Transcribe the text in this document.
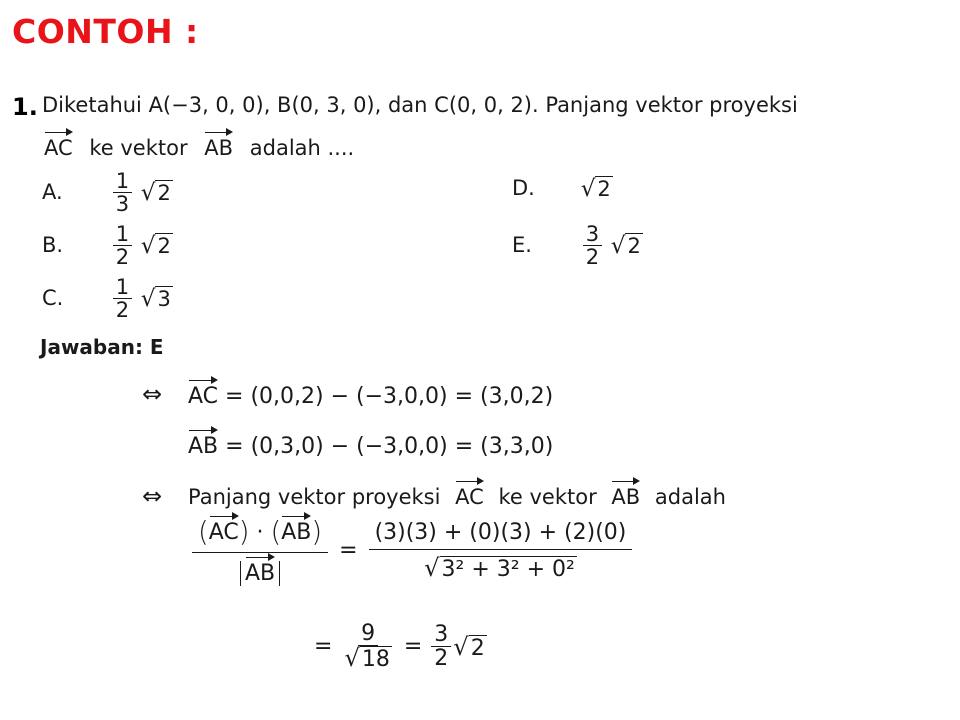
CONTOH :
1. Diketahui A(−3, 0, 0), B(0, 3, 0), dan C(0, 0, 2). Panjang vektor proyeksi
AC ke vektor AB adalah ....
A. $\frac{1}{3} √2$
B. $\frac{1}{2} √2$
C. $\frac{1}{2} √3$
D. √2
E. $\frac{3}{2} √2$
Jawaban: E
⇔ AC = (0,0,2) − (−3,0,0) = (3,0,2)
AB = (0,3,0) − (−3,0,0) = (3,3,0)
⇔ Panjang vektor proyeksi AC ke vektor AB adalah
$\frac{(AC) \cdot (AB)}{AB} = \frac{(3)(3) + (0)(3) + (2)(0)}{\text{√3² + 3² + 0²}}$
= $\frac{9}{√18} = \frac{3}{2} √2$
